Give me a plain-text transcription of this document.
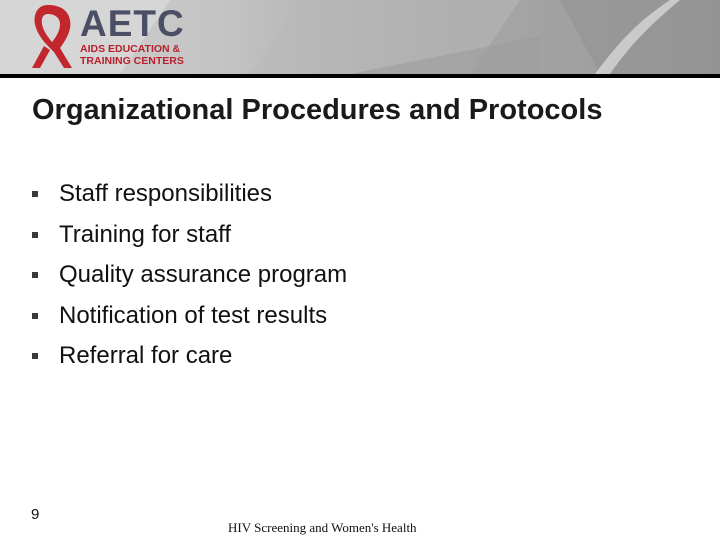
AETC
AIDS EDUCATION &
TRAINING CENTERS
Organizational Procedures and Protocols
Staff responsibilities
Training for staff
Quality assurance program
Notification of test results
Referral for care
9
HIV Screening and Women's Health
